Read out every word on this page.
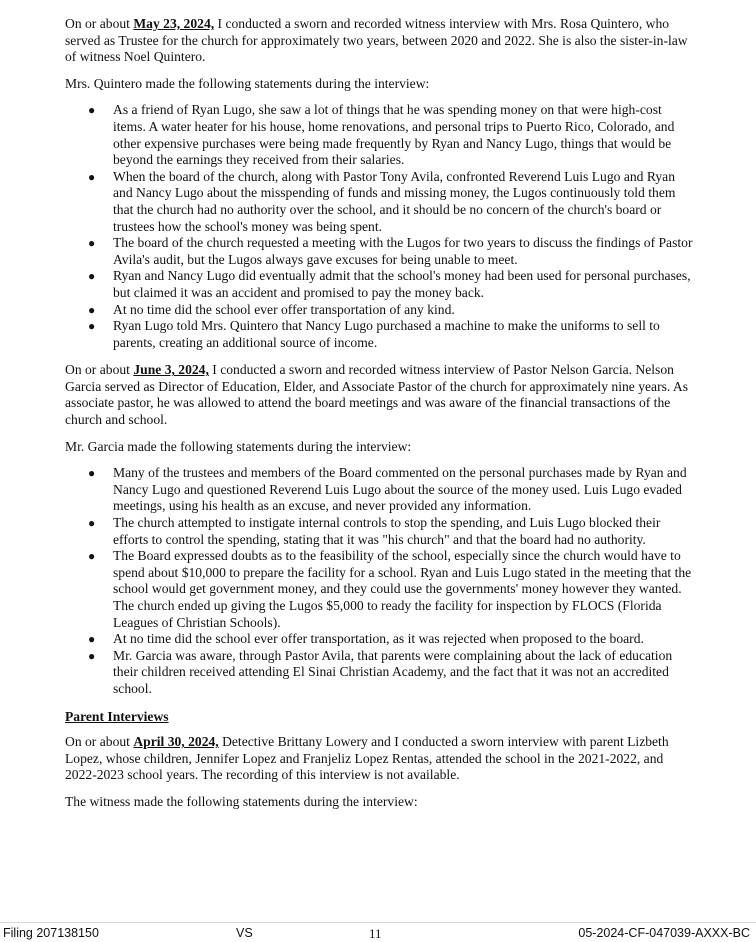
On or about May 23, 2024, I conducted a sworn and recorded witness interview with Mrs. Rosa Quintero, who served as Trustee for the church for approximately two years, between 2020 and 2022. She is also the sister-in-law of witness Noel Quintero.

Mrs. Quintero made the following statements during the interview:

● As a friend of Ryan Lugo, she saw a lot of things that he was spending money on that were high-cost items. A water heater for his house, home renovations, and personal trips to Puerto Rico, Colorado, and other expensive purchases were being made frequently by Ryan and Nancy Lugo, things that would be beyond the earnings they received from their salaries.
● When the board of the church, along with Pastor Tony Avila, confronted Reverend Luis Lugo and Ryan and Nancy Lugo about the misspending of funds and missing money, the Lugos continuously told them that the church had no authority over the school, and it should be no concern of the church's board or trustees how the school's money was being spent.
● The board of the church requested a meeting with the Lugos for two years to discuss the findings of Pastor Avila's audit, but the Lugos always gave excuses for being unable to meet.
● Ryan and Nancy Lugo did eventually admit that the school's money had been used for personal purchases, but claimed it was an accident and promised to pay the money back.
● At no time did the school ever offer transportation of any kind.
● Ryan Lugo told Mrs. Quintero that Nancy Lugo purchased a machine to make the uniforms to sell to parents, creating an additional source of income.

On or about June 3, 2024, I conducted a sworn and recorded witness interview of Pastor Nelson Garcia. Nelson Garcia served as Director of Education, Elder, and Associate Pastor of the church for approximately nine years. As associate pastor, he was allowed to attend the board meetings and was aware of the financial transactions of the church and school.

Mr. Garcia made the following statements during the interview:

● Many of the trustees and members of the Board commented on the personal purchases made by Ryan and Nancy Lugo and questioned Reverend Luis Lugo about the source of the money used. Luis Lugo evaded meetings, using his health as an excuse, and never provided any information.
● The church attempted to instigate internal controls to stop the spending, and Luis Lugo blocked their efforts to control the spending, stating that it was "his church" and that the board had no authority.
● The Board expressed doubts as to the feasibility of the school, especially since the church would have to spend about $10,000 to prepare the facility for a school. Ryan and Luis Lugo stated in the meeting that the school would get government money, and they could use the governments' money however they wanted. The church ended up giving the Lugos $5,000 to ready the facility for inspection by FLOCS (Florida Leagues of Christian Schools).
● At no time did the school ever offer transportation, as it was rejected when proposed to the board.
● Mr. Garcia was aware, through Pastor Avila, that parents were complaining about the lack of education their children received attending El Sinai Christian Academy, and the fact that it was not an accredited school.

Parent Interviews

On or about April 30, 2024, Detective Brittany Lowery and I conducted a sworn interview with parent Lizbeth Lopez, whose children, Jennifer Lopez and Franjeliz Lopez Rentas, attended the school in the 2021-2022, and 2022-2023 school years. The recording of this interview is not available.

The witness made the following statements during the interview:

Filing 207138150	VS	11	05-2024-CF-047039-AXXX-BC
